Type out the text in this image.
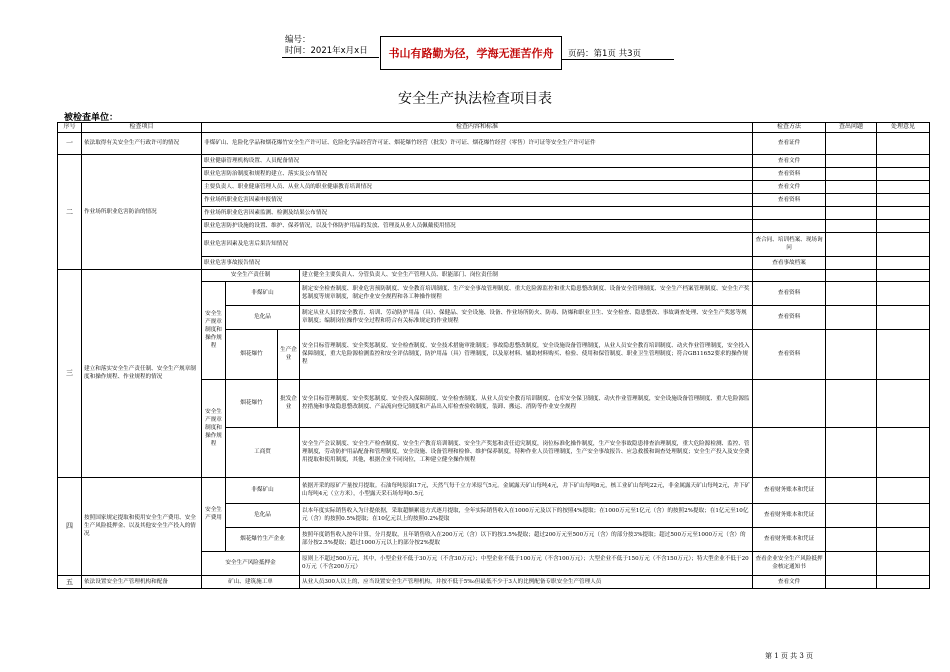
编号：
时间：2021年x月x日	书山有路勤为径，学海无涯苦作舟	页码：第1页 共3页
安全生产执法检查项目表
被检查单位：
序号	检查项目	检查内容和标准				检查方法	查出问题	处理意见
一	依法取得有关安全生产行政许可的情况	非煤矿山、危险化学品和烟花爆竹安全生产许可证、危险化学品经营许可证、烟花爆竹经营（批发）许可证、烟花爆竹经营（零售）许可证等安全生产许可证件				查看证件		
二	作业场所职业危害防治的情况	职业健康管理机构设置、人员配备情况				查看文件		
		职业危害防治制度和规程的建立、落实及公布情况				查看资料		
		主要负责人、职业健康管理人员、从业人员的职业健康教育培训情况				查看文件		
		作业场所职业危害因素申报情况				查看资料		
		作业场所职业危害因素监测、检测及结果公布情况						
		职业危害防护设施的设置、维护、保养情况，以及个体防护用品的发放、管理及从业人员佩戴使用情况						
		职业危害因素及危害后果告知情况				查合同、培训档案、现场询问		
		职业危害事故报告情况				查看事故档案		
三	建立和落实安全生产责任制、安全生产规章制度和操作规程、作业规程的情况	安全生产责任制			建立健全主要负责人、分管负责人、安全生产管理人员、职能部门、岗位责任制			
		安全生产规章制度和操作规程	非煤矿山		制定安全检查制度、职业危害预防制度、安全教育培训制度、生产安全事故管理制度、重大危险源监控和重大隐患整改制度、设备安全管理制度、安全生产档案管理制度、安全生产奖惩制度等规章制度，制定作业安全规程和各工种操作规程	查看资料		
			危化品		制定从业人员的安全教育、培训、劳动防护用品（具）、保健品、安全设施、设备、作业场所防火、防毒、防爆和职业卫生、安全检查、隐患整改、事故调查处理、安全生产奖惩等规章制度；编制岗位操作安全过程和符合有关标准规定的作业规程	查看资料		
			烟花爆竹	生产企业	安全目标管理制度、安全奖惩制度、安全检查制度、安全技术措施审批制度；事故隐患整改制度，安全设施设备管理制度，从业人员安全教育培训制度、动火作业管理制度，安全投入保障制度，重大危险源检测监控和安全评估制度，防护用品（具）管理制度，以及原材料、辅助材料购买、检验、使用和保管制度、职业卫生管理制度；符合GB11652要求的操作规程	查看资料		
		安全生产规章制度和操作规程	烟花爆竹	批发企业	安全目标管理制度、安全奖惩制度、安全投入保障制度、安全检查制度、从业人员安全教育培训制度、仓库安全保卫制度、动火作业管理制度，安全设施设备管理制度、重大危险源监控措施和事故隐患整改制度、产品流向登记制度和产品出入库检查验收制度，装卸、搬运、消防等作业安全规程			
			工商贸		安全生产会议制度、安全生产检查制度、安全生产教育培训制度、安全生产奖惩和责任追究制度，岗位标准化操作制度，生产安全事故隐患排查治理制度，重大危险源检测、监控、管理制度，劳动防护用品配备和管理制度，安全设施、设备管理和检修、维护保养制度，特种作业人员管理制度，生产安全事故报告、应急救援和调查处理制度；安全生产投入及安全费用提取和使用制度，其他，根据企业不同岗位，工种建立健全操作规程			
四	按照国家规定提取和使用安全生产费用、安全生产风险抵押金、以及其他安全生产投入的情况	安全生产费用	非煤矿山		依据开采的原矿产量按月提取。石油每吨原油17元，天然气每千立方米原气5元。金属露天矿山每吨4元，井下矿山每吨8元，核工业矿山每吨22元，非金属露天矿山每吨2元，井下矿山每吨4元（立方米），小型露天采石场每吨0.5元	查看财务账本和凭证		
			危化品		以本年度实际销售收入为计提依据，采取超额累退方式逐月提取，全年实际销售收入在1000万元及以下的按照4%提取；在1000万元至1亿元（含）的按照2%提取；在1亿元至10亿元（含）的按照0.5%提取；在10亿元以上的按照0.2%提取	查看财务账本和凭证		
			烟花爆竹生产企业		按照年度销售收入按年计算，分月提取，且年销售收入在200万元（含）以下的按3.5%提取；超过200万元至500万元（含）的部分按3%提取；超过500万元至1000万元（含）的部分按2.5%提取；超过1000万元以上的部分按2%提取	查看财务账本和凭证		
		安全生产风险抵押金			原则上不超过500万元，其中，小型企业不低于30万元（不含30万元）；中型企业不低于100万元（不含100万元）；大型企业不低于150万元（不含150万元）；特大型企业不低于200万元（不含200万元）	查看企业安全生产风险抵押金核定通知书		
五	依法设置安全生产管理机构和配备	矿山、建筑施工单			从业人员300人以上的，应当设置安全生产管理机构，并按不低于5‰但最低不少于3人的比例配备专职安全生产管理人员	查看文件		
第 1 页 共 3 页
